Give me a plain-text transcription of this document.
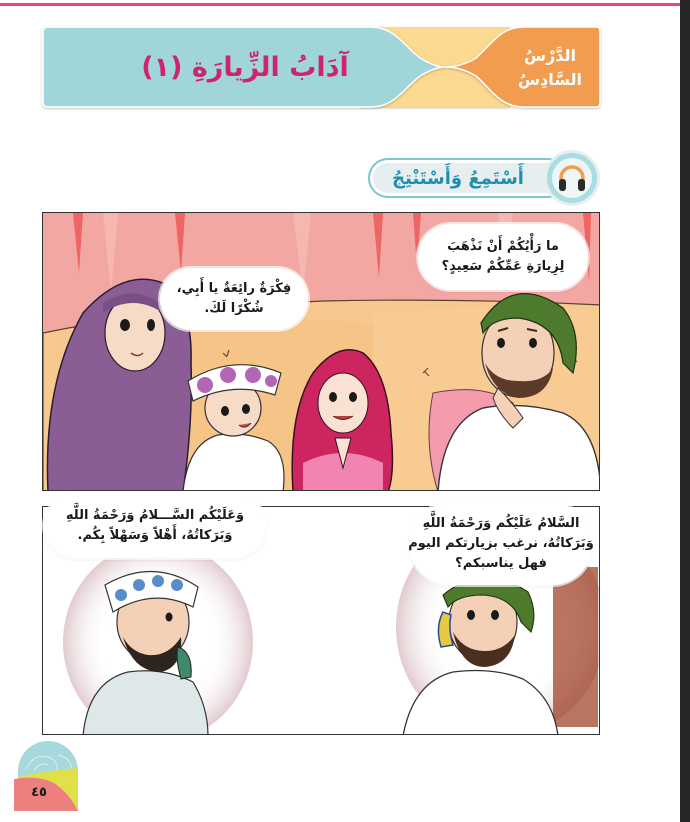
آدَابُ الزِّيارَةِ (١)	الدَّرْسُ
السَّادِسُ
أَسْتَمِعُ وَأَسْتَنْتِجُ
ما رَأْيُكُمْ أَنْ نَذْهَبَ
لِزِيارَةِ عَمِّكُمْ سَعِيدٍ؟
فِكْرَةٌ رائِعَةٌ يا أَبِي،
شُكْرًا لَكَ.
وَعَلَيْكُم السَّـــلامُ وَرَحْمَةُ اللَّهِ
وَبَرَكاتُهُ، أَهْلاً وَسَهْلاً بِكُم.
السَّلامُ عَلَيْكُم وَرَحْمَةُ اللَّهِ
وَبَرَكاتُهُ، نرغب بزيارتكم اليوم
فهل يناسبكم؟
٤٥
